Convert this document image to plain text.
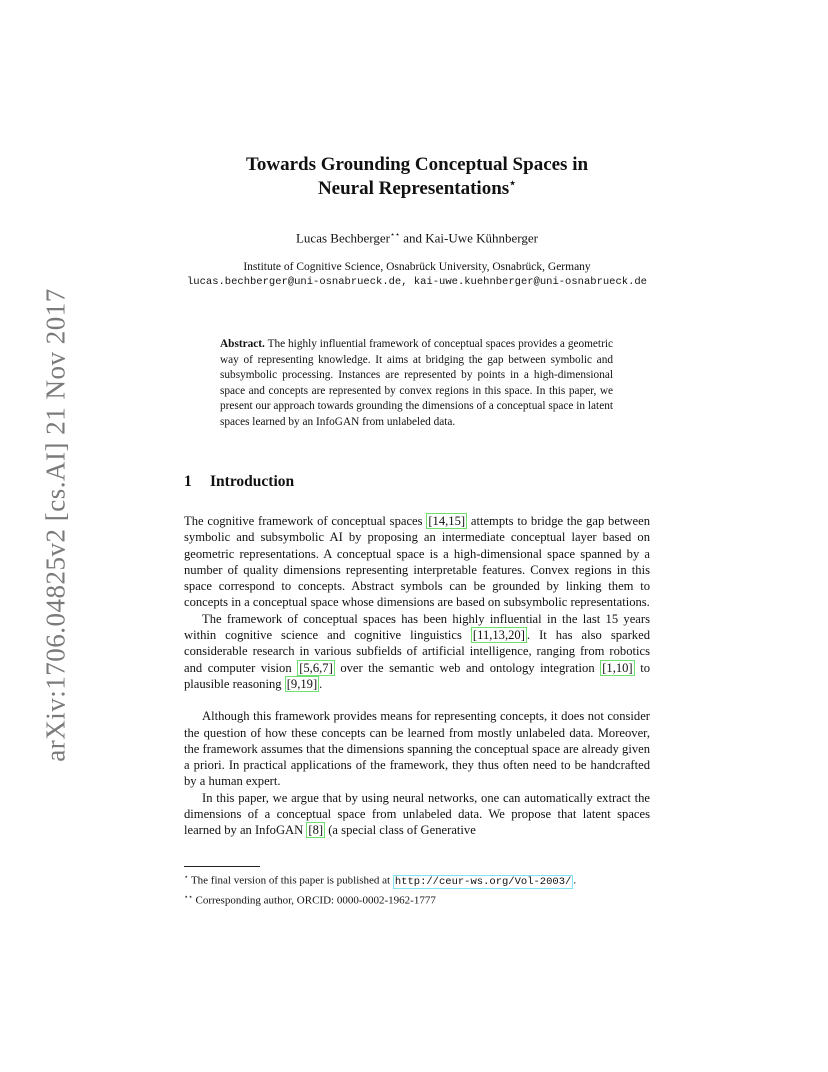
arXiv:1706.04825v2 [cs.AI] 21 Nov 2017
Towards Grounding Conceptual Spaces in
Neural Representations⋆
Lucas Bechberger⋆⋆ and Kai-Uwe Kühnberger
Institute of Cognitive Science, Osnabrück University, Osnabrück, Germany
lucas.bechberger@uni-osnabrueck.de, kai-uwe.kuehnberger@uni-osnabrueck.de
Abstract. The highly influential framework of conceptual spaces provides a geometric way of representing knowledge. It aims at bridging the gap between symbolic and subsymbolic processing. Instances are represented by points in a high-dimensional space and concepts are represented by convex regions in this space. In this paper, we present our approach towards grounding the dimensions of a conceptual space in latent spaces learned by an InfoGAN from unlabeled data.
1 Introduction

The cognitive framework of conceptual spaces [14,15] attempts to bridge the gap between symbolic and subsymbolic AI by proposing an intermediate conceptual layer based on geometric representations. A conceptual space is a high-dimensional space spanned by a number of quality dimensions representing interpretable features. Convex regions in this space correspond to concepts. Abstract symbols can be grounded by linking them to concepts in a conceptual space whose dimensions are based on subsymbolic representations.

The framework of conceptual spaces has been highly influential in the last 15 years within cognitive science and cognitive linguistics [11,13,20] . It has also sparked considerable research in various subfields of artificial intelligence, ranging from robotics and computer vision [5,6,7] over the semantic web and ontology integration [1,10] to plausible reasoning [9,19] .

Although this framework provides means for representing concepts, it does not consider the question of how these concepts can be learned from mostly unlabeled data. Moreover, the framework assumes that the dimensions spanning the conceptual space are already given a priori. In practical applications of the framework, they thus often need to be handcrafted by a human expert.

In this paper, we argue that by using neural networks, one can automatically extract the dimensions of a conceptual space from unlabeled data. We propose that latent spaces learned by an InfoGAN [8] (a special class of Generative

⋆ The final version of this paper is published at http://ceur-ws.org/Vol-2003/ .
⋆⋆ Corresponding author, ORCID: 0000-0002-1962-1777
